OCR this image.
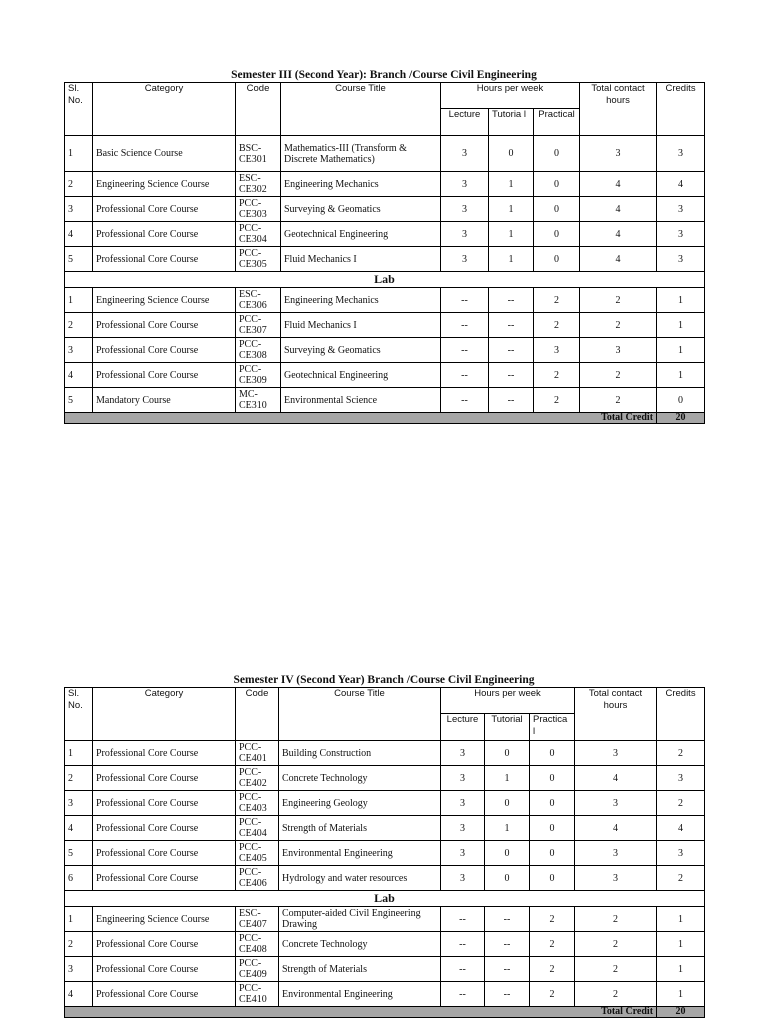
Semester III (Second Year): Branch /Course Civil Engineering
Sl. No.	Category	Code	Course Title	Hours per week			Total contact hours	Credits
				Lecture	Tutoria l	Practical		
1	Basic Science Course	BSC-CE301	Mathematics-III (Transform & Discrete Mathematics)	3	0	0	3	3
2	Engineering Science Course	ESC-CE302	Engineering Mechanics	3	1	0	4	4
3	Professional Core Course	PCC-CE303	Surveying & Geomatics	3	1	0	4	3
4	Professional Core Course	PCC-CE304	Geotechnical Engineering	3	1	0	4	3
5	Professional Core Course	PCC-CE305	Fluid Mechanics I	3	1	0	4	3
Lab								
1	Engineering Science Course	ESC-CE306	Engineering Mechanics	--	--	2	2	1
2	Professional Core Course	PCC-CE307	Fluid Mechanics I	--	--	2	2	1
3	Professional Core Course	PCC-CE308	Surveying & Geomatics	--	--	3	3	1
4	Professional Core Course	PCC-CE309	Geotechnical Engineering	--	--	2	2	1
5	Mandatory Course	MC-CE310	Environmental Science	--	--	2	2	0
Total Credit								20
Semester IV (Second Year) Branch /Course Civil Engineering
Sl. No.	Category	Code	Course Title	Hours per week			Total contact hours	Credits
				Lecture	Tutorial	Practica l		
1	Professional Core Course	PCC-CE401	Building Construction	3	0	0	3	2
2	Professional Core Course	PCC-CE402	Concrete Technology	3	1	0	4	3
3	Professional Core Course	PCC-CE403	Engineering Geology	3	0	0	3	2
4	Professional Core Course	PCC-CE404	Strength of Materials	3	1	0	4	4
5	Professional Core Course	PCC-CE405	Environmental Engineering	3	0	0	3	3
6	Professional Core Course	PCC-CE406	Hydrology and water resources	3	0	0	3	2
Lab								
1	Engineering Science Course	ESC-CE407	Computer-aided Civil Engineering Drawing	--	--	2	2	1
2	Professional Core Course	PCC-CE408	Concrete Technology	--	--	2	2	1
3	Professional Core Course	PCC-CE409	Strength of Materials	--	--	2	2	1
4	Professional Core Course	PCC-CE410	Environmental Engineering	--	--	2	2	1
Total Credit								20
